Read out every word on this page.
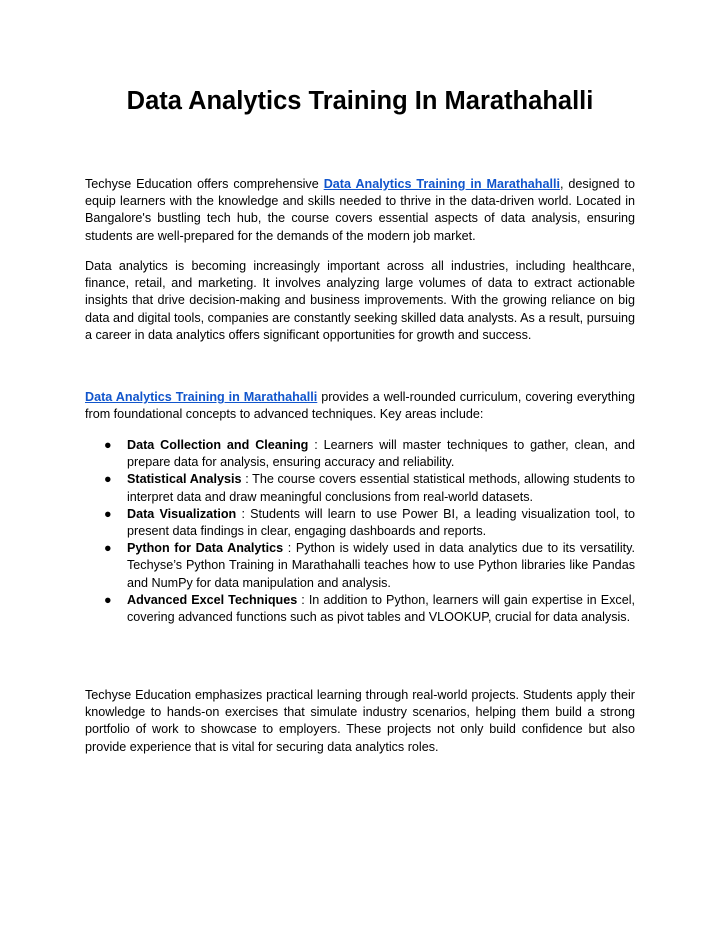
Data Analytics Training In Marathahalli

Techyse Education offers comprehensive Data Analytics Training in Marathahalli, designed to equip learners with the knowledge and skills needed to thrive in the data-driven world. Located in Bangalore's bustling tech hub, the course covers essential aspects of data analysis, ensuring students are well-prepared for the demands of the modern job market.

Data analytics is becoming increasingly important across all industries, including healthcare, finance, retail, and marketing. It involves analyzing large volumes of data to extract actionable insights that drive decision-making and business improvements. With the growing reliance on big data and digital tools, companies are constantly seeking skilled data analysts. As a result, pursuing a career in data analytics offers significant opportunities for growth and success.

Data Analytics Training in Marathahalli provides a well-rounded curriculum, covering everything from foundational concepts to advanced techniques. Key areas include:

● Data Collection and Cleaning : Learners will master techniques to gather, clean, and prepare data for analysis, ensuring accuracy and reliability.
● Statistical Analysis : The course covers essential statistical methods, allowing students to interpret data and draw meaningful conclusions from real-world datasets.
● Data Visualization : Students will learn to use Power BI, a leading visualization tool, to present data findings in clear, engaging dashboards and reports.
● Python for Data Analytics : Python is widely used in data analytics due to its versatility. Techyse’s Python Training in Marathahalli teaches how to use Python libraries like Pandas and NumPy for data manipulation and analysis.
● Advanced Excel Techniques : In addition to Python, learners will gain expertise in Excel, covering advanced functions such as pivot tables and VLOOKUP, crucial for data analysis.

Techyse Education emphasizes practical learning through real-world projects. Students apply their knowledge to hands-on exercises that simulate industry scenarios, helping them build a strong portfolio of work to showcase to employers. These projects not only build confidence but also provide experience that is vital for securing data analytics roles.
